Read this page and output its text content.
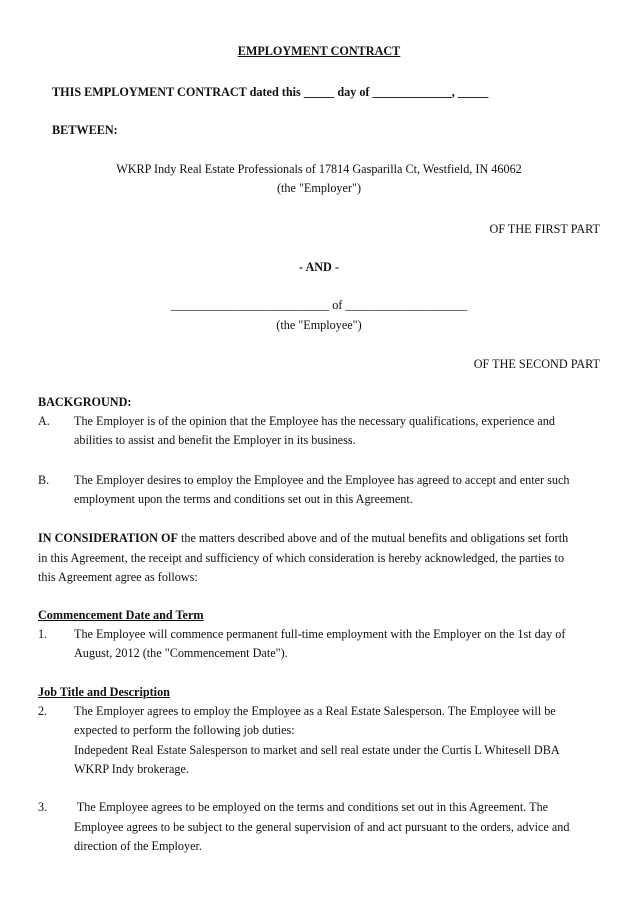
EMPLOYMENT CONTRACT
THIS EMPLOYMENT CONTRACT dated this _____ day of _____________, _____
BETWEEN:
WKRP Indy Real Estate Professionals of 17814 Gasparilla Ct, Westfield, IN 46062
(the "Employer")
OF THE FIRST PART
- AND -
__________________________ of ____________________
(the "Employee")
OF THE SECOND PART
BACKGROUND:
A. The Employer is of the opinion that the Employee has the necessary qualifications, experience and
abilities to assist and benefit the Employer in its business.
B. The Employer desires to employ the Employee and the Employee has agreed to accept and enter such
employment upon the terms and conditions set out in this Agreement.
IN CONSIDERATION OF the matters described above and of the mutual benefits and obligations set forth
in this Agreement, the receipt and sufficiency of which consideration is hereby acknowledged, the parties to
this Agreement agree as follows:
Commencement Date and Term
1. The Employee will commence permanent full-time employment with the Employer on the 1st day of
August, 2012 (the "Commencement Date").
Job Title and Description
2. The Employer agrees to employ the Employee as a Real Estate Salesperson. The Employee will be
expected to perform the following job duties:
Indepedent Real Estate Salesperson to market and sell real estate under the Curtis L Whitesell DBA
WKRP Indy brokerage.
3. The Employee agrees to be employed on the terms and conditions set out in this Agreement. The
Employee agrees to be subject to the general supervision of and act pursuant to the orders, advice and
direction of the Employer.
